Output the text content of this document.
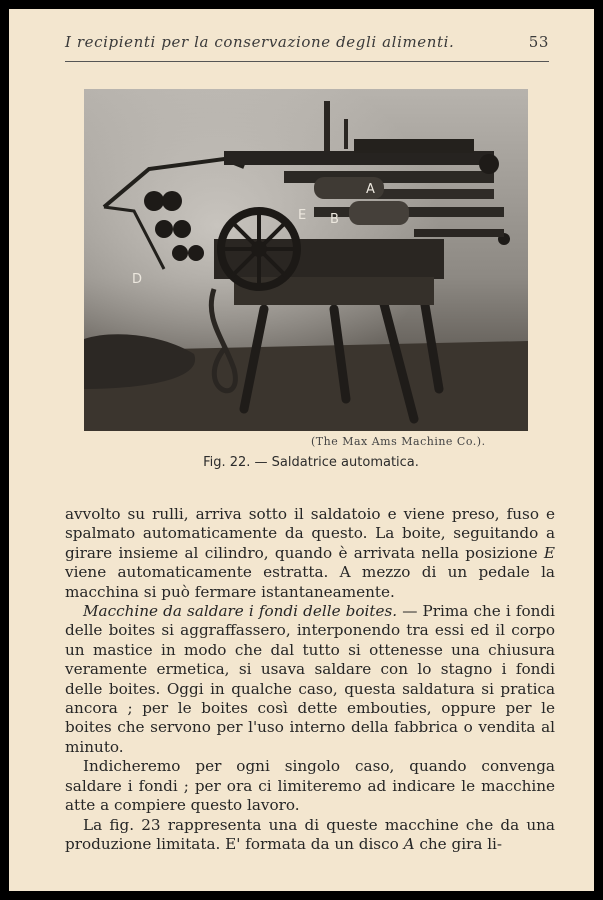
I recipienti per la conservazione degli alimenti.	53
A
B
E
D
(The Max Ams Machine Co.).
Fig. 22. — Saldatrice automatica.

avvolto su rulli, arriva sotto il saldatoio e viene preso, fuso e spalmato automaticamente da questo. La boite, seguitando a girare insieme al cilindro, quando è arrivata nella posizione E viene automaticamente estratta. A mezzo di un pedale la macchina si può fermare istantaneamente.

Macchine da saldare i fondi delle boites. — Prima che i fondi delle boites si aggraffassero, interponendo tra essi ed il corpo un mastice in modo che dal tutto si ottenesse una chiusura veramente ermetica, si usava saldare con lo stagno i fondi delle boites. Oggi in qualche caso, questa saldatura si pratica ancora ; per le boites così dette embouties, oppure per le boites che servono per l'uso interno della fabbrica o vendita al minuto.

Indicheremo per ogni singolo caso, quando convenga saldare i fondi ; per ora ci limiteremo ad indicare le macchine atte a compiere questo lavoro.

La fig. 23 rappresenta una di queste macchine che da una produzione limitata. E' formata da un disco A che gira li-
